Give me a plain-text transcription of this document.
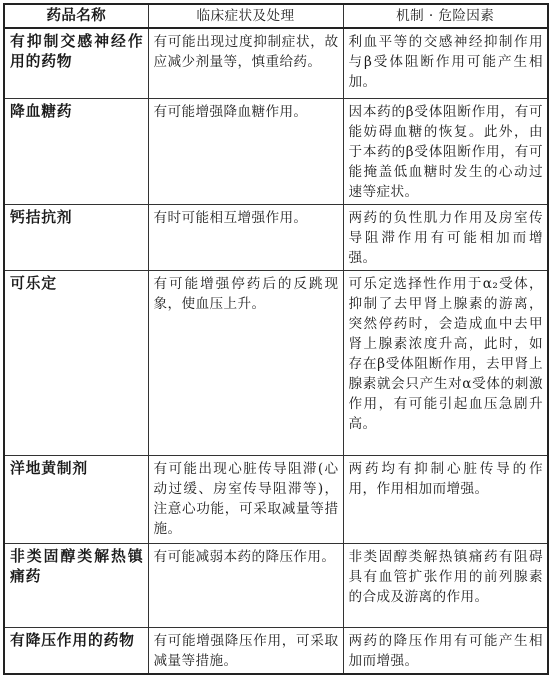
药品名称	临床症状及处理	机制 · 危险因素
有抑制交感神经作用的药物	有可能出现过度抑制症状，故应减少剂量等，慎重给药。	利血平等的交感神经抑制作用与β受体阻断作用可能产生相加。
降血糖药	有可能增强降血糖作用。	因本药的β受体阻断作用，有可能妨碍血糖的恢复。此外，由于本药的β受体阻断作用，有可能掩盖低血糖时发生的心动过速等症状。
钙拮抗剂	有时可能相互增强作用。	两药的负性肌力作用及房室传导阻滞作用有可能相加而增强。
可乐定	有可能增强停药后的反跳现象，使血压上升。	可乐定选择性作用于α₂受体，抑制了去甲肾上腺素的游离，突然停药时，会造成血中去甲肾上腺素浓度升高，此时，如存在β受体阻断作用，去甲肾上腺素就会只产生对α受体的刺激作用，有可能引起血压急剧升高。
洋地黄制剂	有可能出现心脏传导阻滞(心动过缓、房室传导阻滞等)，注意心功能，可采取减量等措施。	两药均有抑制心脏传导的作用，作用相加而增强。
非类固醇类解热镇痛药	有可能减弱本药的降压作用。	非类固醇类解热镇痛药有阻碍具有血管扩张作用的前列腺素的合成及游离的作用。
有降压作用的药物	有可能增强降压作用，可采取减量等措施。	两药的降压作用有可能产生相加而增强。
